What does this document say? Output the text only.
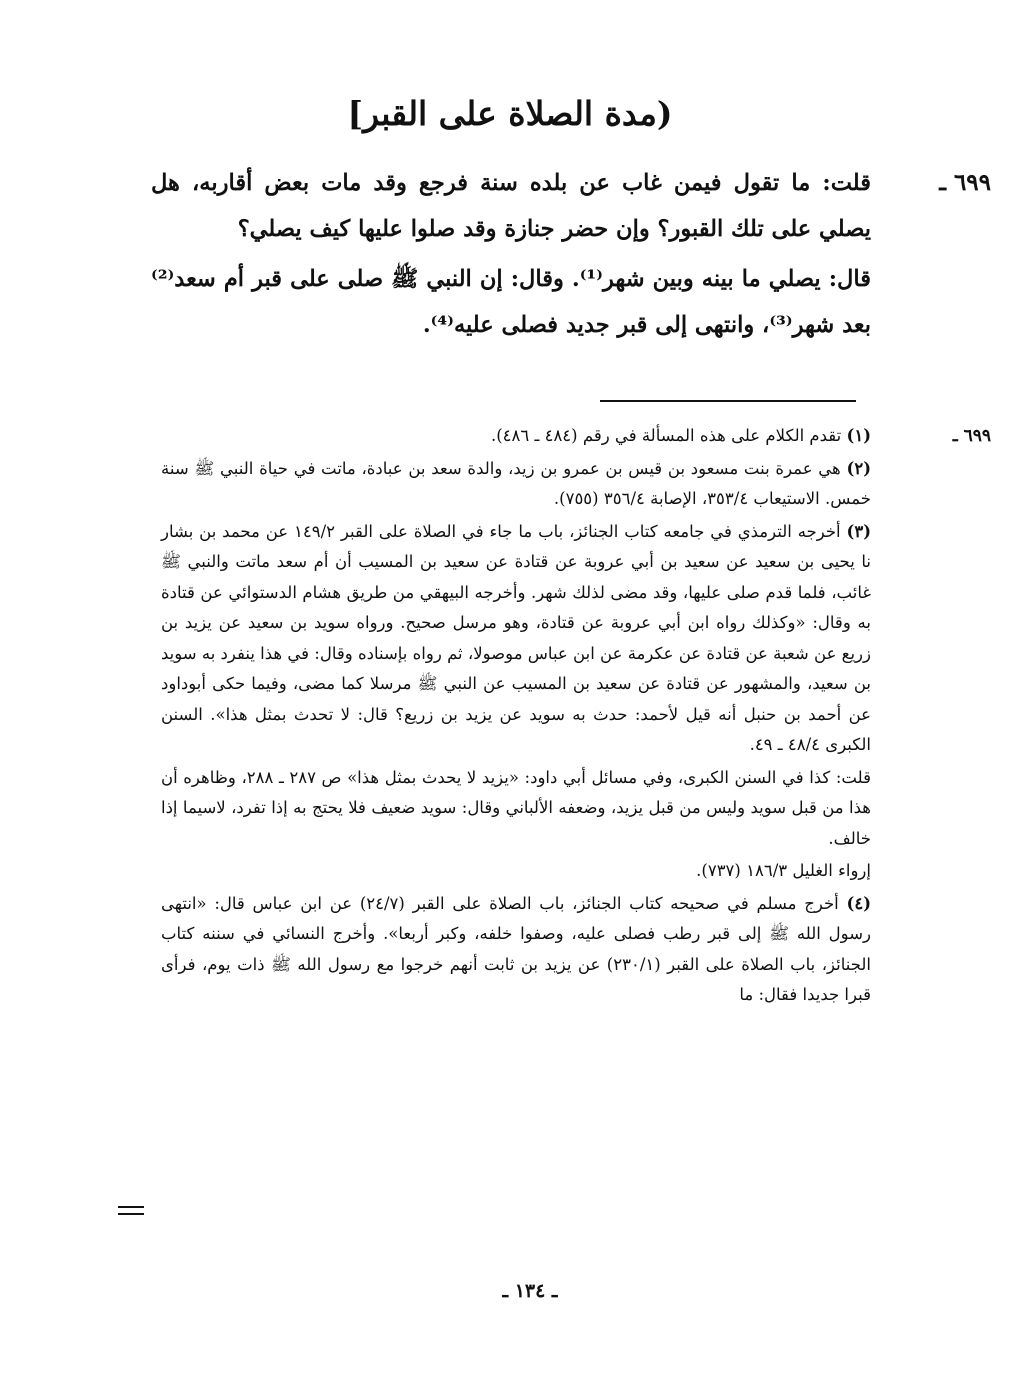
(مدة الصلاة على القبر]
٦٩٩ ـ

قلت: ما تقول فيمن غاب عن بلده سنة فرجع وقد مات بعض أقاربه، هل يصلي على تلك القبور؟ وإن حضر جنازة وقد صلوا عليها كيف يصلي؟

قال: يصلي ما بينه وبين شهر⁽¹⁾. وقال: إن النبي ﷺ صلى على قبر أم سعد⁽²⁾ بعد شهر⁽³⁾، وانتهى إلى قبر جديد فصلى عليه⁽⁴⁾.

٦٩٩ ـ

(١) تقدم الكلام على هذه المسألة في رقم (٤٨٤ ـ ٤٨٦).

(٢) هي عمرة بنت مسعود بن قيس بن عمرو بن زيد، والدة سعد بن عبادة، ماتت في حياة النبي ﷺ سنة خمس. الاستيعاب ٣٥٣/٤، الإصابة ٣٥٦/٤ (٧٥٥).

(٣) أخرجه الترمذي في جامعه كتاب الجنائز، باب ما جاء في الصلاة على القبر ١٤٩/٢ عن محمد بن بشار نا يحيى بن سعيد عن سعيد بن أبي عروبة عن قتادة عن سعيد بن المسيب أن أم سعد ماتت والنبي ﷺ غائب، فلما قدم صلى عليها، وقد مضى لذلك شهر. وأخرجه البيهقي من طريق هشام الدستوائي عن قتادة به وقال: «وكذلك رواه ابن أبي عروبة عن قتادة، وهو مرسل صحيح. ورواه سويد بن سعيد عن يزيد بن زريع عن شعبة عن قتادة عن عكرمة عن ابن عباس موصولا، ثم رواه بإسناده وقال: في هذا ينفرد به سويد بن سعيد، والمشهور عن قتادة عن سعيد بن المسيب عن النبي ﷺ مرسلا كما مضى، وفيما حكى أبوداود عن أحمد بن حنبل أنه قيل لأحمد: حدث به سويد عن يزيد بن زريع؟ قال: لا تحدث بمثل هذا». السنن الكبرى ٤٨/٤ ـ ٤٩.

قلت: كذا في السنن الكبرى، وفي مسائل أبي داود: «يزيد لا يحدث بمثل هذا» ص ٢٨٧ ـ ٢٨٨، وظاهره أن هذا من قبل سويد وليس من قبل يزيد، وضعفه الألباني وقال: سويد ضعيف فلا يحتج به إذا تفرد، لاسيما إذا خالف.

إرواء الغليل ١٨٦/٣ (٧٣٧).

(٤) أخرج مسلم في صحيحه كتاب الجنائز، باب الصلاة على القبر (٢٤/٧) عن ابن عباس قال: «انتهى رسول الله ﷺ إلى قبر رطب فصلى عليه، وصفوا خلفه، وكبر أربعا». وأخرج النسائي في سننه كتاب الجنائز، باب الصلاة على القبر (٢٣٠/١) عن يزيد بن ثابت أنهم خرجوا مع رسول الله ﷺ ذات يوم، فرأى قبرا جديدا فقال: ما

ـ ١٣٤ ـ
